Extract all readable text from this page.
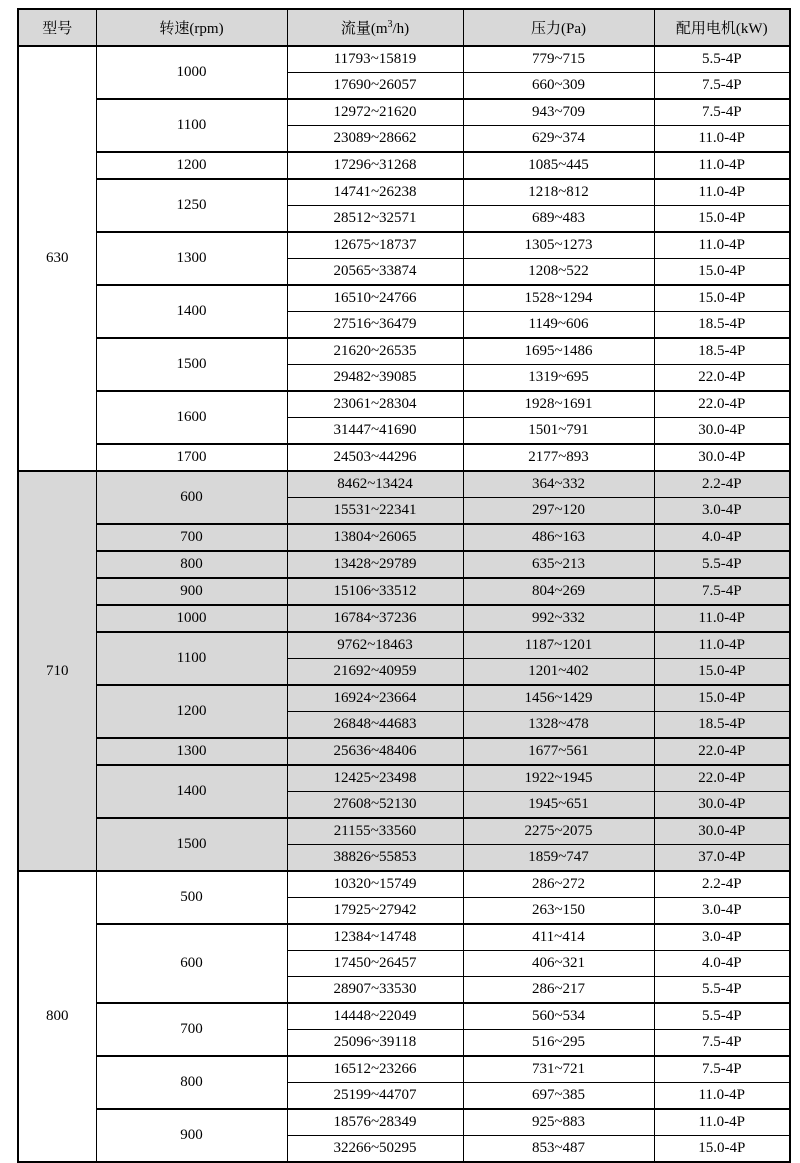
型号	转速(rpm)	流量$(m^3/h)$	压力(Pa)	配用电机(kW)
630	1000	11793~15819	779~715	5.5-4P
		17690~26057	660~309	7.5-4P
	1100	12972~21620	943~709	7.5-4P
		23089~28662	629~374	11.0-4P
	1200	17296~31268	1085~445	11.0-4P
	1250	14741~26238	1218~812	11.0-4P
		28512~32571	689~483	15.0-4P
	1300	12675~18737	1305~1273	11.0-4P
		20565~33874	1208~522	15.0-4P
	1400	16510~24766	1528~1294	15.0-4P
		27516~36479	1149~606	18.5-4P
	1500	21620~26535	1695~1486	18.5-4P
		29482~39085	1319~695	22.0-4P
	1600	23061~28304	1928~1691	22.0-4P
		31447~41690	1501~791	30.0-4P
	1700	24503~44296	2177~893	30.0-4P
710	600	8462~13424	364~332	2.2-4P
		15531~22341	297~120	3.0-4P
	700	13804~26065	486~163	4.0-4P
	800	13428~29789	635~213	5.5-4P
	900	15106~33512	804~269	7.5-4P
	1000	16784~37236	992~332	11.0-4P
	1100	9762~18463	1187~1201	11.0-4P
		21692~40959	1201~402	15.0-4P
	1200	16924~23664	1456~1429	15.0-4P
		26848~44683	1328~478	18.5-4P
	1300	25636~48406	1677~561	22.0-4P
	1400	12425~23498	1922~1945	22.0-4P
		27608~52130	1945~651	30.0-4P
	1500	21155~33560	2275~2075	30.0-4P
		38826~55853	1859~747	37.0-4P
800	500	10320~15749	286~272	2.2-4P
		17925~27942	263~150	3.0-4P
	600	12384~14748	411~414	3.0-4P
		17450~26457	406~321	4.0-4P
		28907~33530	286~217	5.5-4P
	700	14448~22049	560~534	5.5-4P
		25096~39118	516~295	7.5-4P
	800	16512~23266	731~721	7.5-4P
		25199~44707	697~385	11.0-4P
	900	18576~28349	925~883	11.0-4P
		32266~50295	853~487	15.0-4P
